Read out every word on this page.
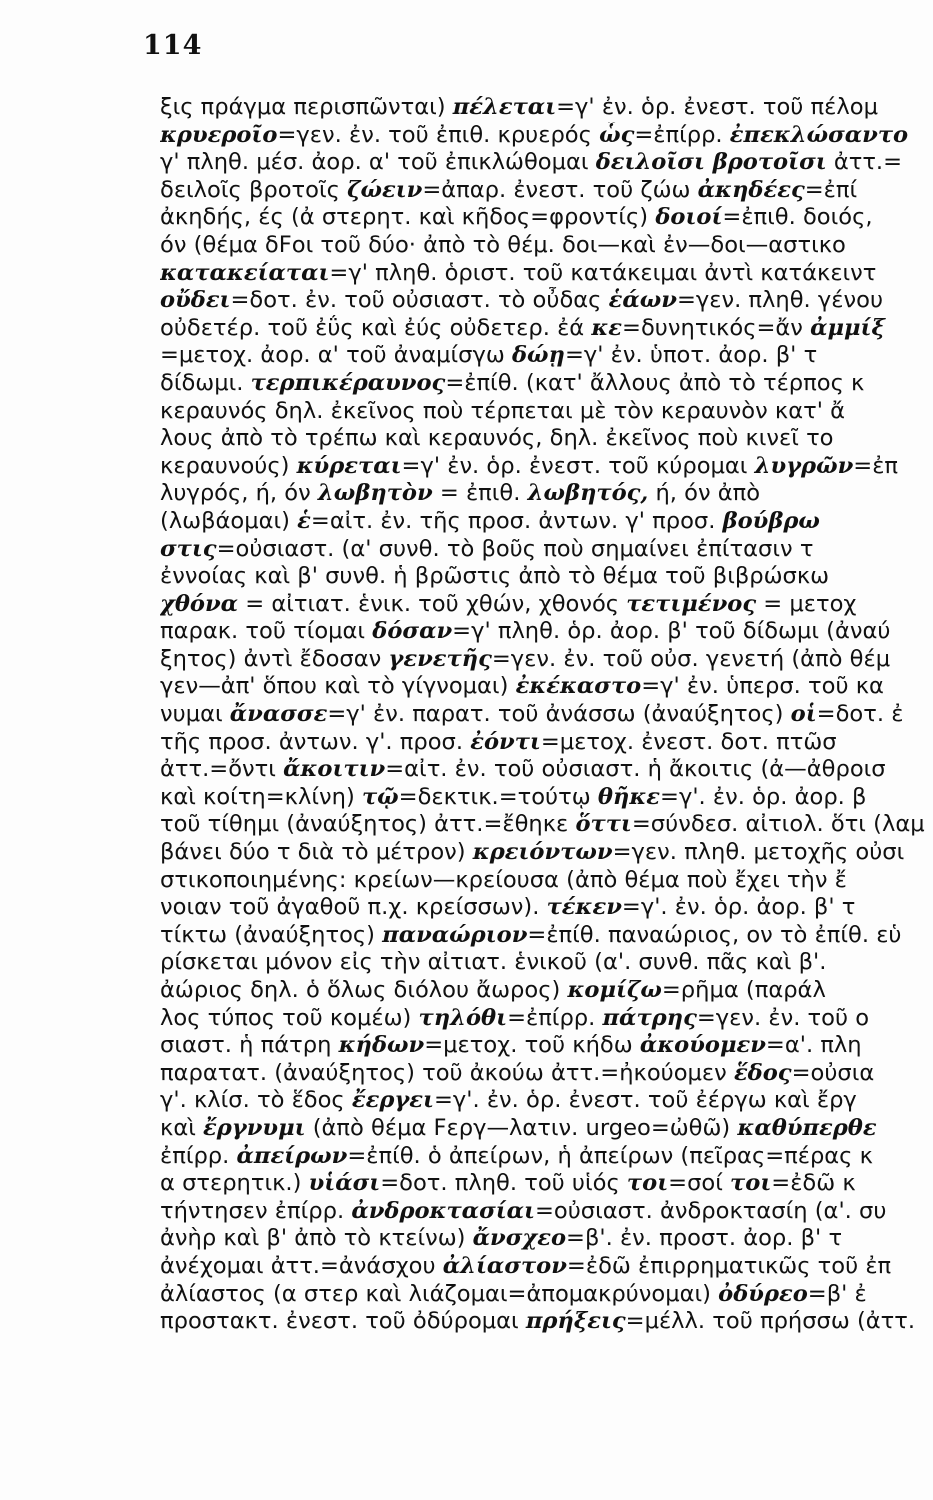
114
ξις πράγμα περισπῶνται) πέλεται=γ' ἐν. ὁρ. ἐνεστ. τοῦ πέλομ
κρυεροῖο=γεν. ἐν. τοῦ ἐπιθ. κρυερός ὧς=ἐπίρρ. ἐπεκλώσαντο
γ' πληθ. μέσ. ἀορ. α' τοῦ ἐπικλώθομαι δειλοῖσι βροτοῖσι ἀττ.=
δειλοῖς βροτοῖς ζώειν=ἀπαρ. ἐνεστ. τοῦ ζώω ἀκηδέες=ἐπί
ἀκηδής, ές (ἀ στερητ. καὶ κῆδος=φροντίς) δοιοί=ἐπιθ. δοιός,
όν (θέμα δFοι τοῦ δύο· ἀπὸ τὸ θέμ. δοι—καὶ ἐν—δοι—αστικο
κατακείαται=γ' πληθ. ὁριστ. τοῦ κατάκειμαι ἀντὶ κατάκειντ
οὔδει=δοτ. ἐν. τοῦ οὐσιαστ. τὸ οὖδας ἑάων=γεν. πληθ. γένου
οὐδετέρ. τοῦ ἐΰς καὶ ἐύς οὐδετερ. ἐά κε=δυνητικός=ἄν ἀμμίξ
=μετοχ. ἀορ. α' τοῦ ἀναμίσγω δώῃ=γ' ἐν. ὑποτ. ἀορ. β' τ
δίδωμι. τερπικέραυνος=ἐπίθ. (κατ' ἄλλους ἀπὸ τὸ τέρπος κ
κεραυνός δηλ. ἐκεῖνος ποὺ τέρπεται μὲ τὸν κεραυνὸν κατ' ἄ
λους ἀπὸ τὸ τρέπω καὶ κεραυνός, δηλ. ἐκεῖνος ποὺ κινεῖ το
κεραυνούς) κύρεται=γ' ἐν. ὁρ. ἐνεστ. τοῦ κύρομαι λυγρῶν=ἐπ
λυγρός, ή, όν λωβητὸν = ἐπιθ. λωβητός, ή, όν ἀπὸ
(λωβάομαι) ἑ=αἰτ. ἐν. τῆς προσ. ἀντων. γ' προσ. βούβρω
στις=οὐσιαστ. (α' συνθ. τὸ βοῦς ποὺ σημαίνει ἐπίτασιν τ
ἐννοίας καὶ β' συνθ. ἡ βρῶστις ἀπὸ τὸ θέμα τοῦ βιβρώσκω
χθόνα = αἰτιατ. ἑνικ. τοῦ χθών, χθονός τετιμένος = μετοχ
παρακ. τοῦ τίομαι δόσαν=γ' πληθ. ὁρ. ἀορ. β' τοῦ δίδωμι (ἀναύ
ξητος) ἀντὶ ἔδοσαν γενετῆς=γεν. ἐν. τοῦ οὐσ. γενετή (ἀπὸ θέμ
γεν—ἀπ' ὅπου καὶ τὸ γίγνομαι) ἐκέκαστο=γ' ἐν. ὑπερσ. τοῦ κα
νυμαι ἄνασσε=γ' ἐν. παρατ. τοῦ ἀνάσσω (ἀναύξητος) οἱ=δοτ. ἐ
τῆς προσ. ἀντων. γ'. προσ. ἐόντι=μετοχ. ἐνεστ. δοτ. πτῶσ
ἀττ.=ὄντι ἄκοιτιν=αἰτ. ἐν. τοῦ οὐσιαστ. ἡ ἄκοιτις (ἀ—ἀθροισ
καὶ κοίτη=κλίνη) τῷ=δεκτικ.=τούτῳ θῆκε=γ'. ἐν. ὁρ. ἀορ. β
τοῦ τίθημι (ἀναύξητος) ἀττ.=ἔθηκε ὅττι=σύνδεσ. αἰτιολ. ὅτι (λαμ
βάνει δύο τ διὰ τὸ μέτρον) κρειόντων=γεν. πληθ. μετοχῆς οὐσι
στικοποιημένης: κρείων—κρείουσα (ἀπὸ θέμα ποὺ ἔχει τὴν ἔ
νοιαν τοῦ ἀγαθοῦ π.χ. κρείσσων). τέκεν=γ'. ἐν. ὁρ. ἀορ. β' τ
τίκτω (ἀναύξητος) παναώριον=ἐπίθ. παναώριος, ον τὸ ἐπίθ. εὑ
ρίσκεται μόνον εἰς τὴν αἰτιατ. ἑνικοῦ (α'. συνθ. πᾶς καὶ β'.
ἀώριος δηλ. ὁ ὅλως διόλου ἄωρος) κομίζω=ρῆμα (παράλ
λος τύπος τοῦ κομέω) τηλόθι=ἐπίρρ. πάτρης=γεν. ἐν. τοῦ ο
σιαστ. ἡ πάτρη κήδων=μετοχ. τοῦ κήδω ἀκούομεν=α'. πλη
παρατατ. (ἀναύξητος) τοῦ ἀκούω ἀττ.=ἠκούομεν ἕδος=οὐσια
γ'. κλίσ. τὸ ἕδος ἔεργει=γ'. ἐν. ὁρ. ἐνεστ. τοῦ ἐέργω καὶ ἔργ
καὶ ἔργνυμι (ἀπὸ θέμα Fεργ—λατιν. urgeo=ὠθῶ) καθύπερθε
ἐπίρρ. ἀπείρων=ἐπίθ. ὁ ἀπείρων, ἡ ἀπείρων (πεῖρας=πέρας κ
α στερητικ.) υἱάσι=δοτ. πληθ. τοῦ υἱός τοι=σοί τοι=ἐδῶ κ
τήντησεν ἐπίρρ. ἀνδροκτασίαι=οὐσιαστ. ἀνδροκτασίη (α'. συ
ἀνὴρ καὶ β' ἀπὸ τὸ κτείνω) ἄνσχεο=β'. ἐν. προστ. ἀορ. β' τ
ἀνέχομαι ἀττ.=ἀνάσχου ἀλίαστον=ἐδῶ ἐπιρρηματικῶς τοῦ ἐπ
ἀλίαστος (α στερ καὶ λιάζομαι=ἀπομακρύνομαι) ὀδύρεο=β' ἐ
προστακτ. ἐνεστ. τοῦ ὀδύρομαι πρήξεις=μέλλ. τοῦ πρήσσω (ἀττ.
